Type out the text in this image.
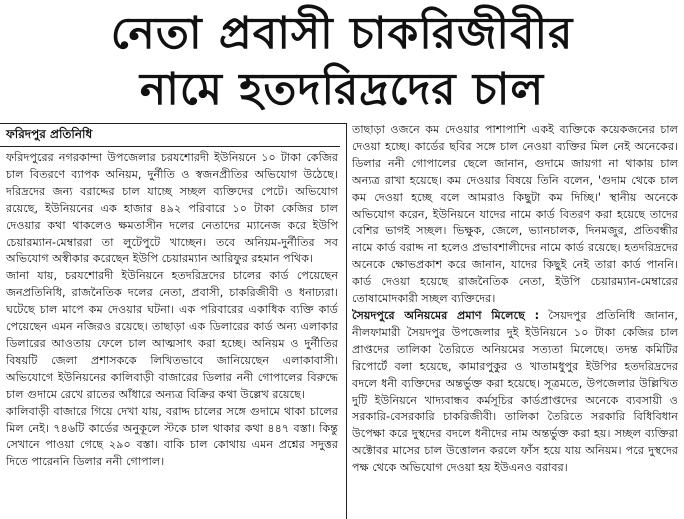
নেতা প্রবাসী চাকরিজীবীর
নামে হতদরিদ্রদের চাল
ফরিদপুর প্রতিনিধি

ফরিদপুরের নগরকান্দা উপজেলার চরযশোরদী ইউনিয়নে ১০ টাকা কেজির চাল বিতরণে ব্যাপক অনিয়ম, দুর্নীতি ও স্বজনপ্রীতির অভিযোগ উঠেছে। দরিদ্রদের জন্য বরাদ্দের চাল যাচ্ছে সচ্ছল ব্যক্তিদের পেটে। অভিযোগ রয়েছে, ইউনিয়নের এক হাজার ৪৯২ পরিবারে ১০ টাকা কেজির চাল দেওয়ার কথা থাকলেও ক্ষমতাসীন দলের নেতাদের ম্যানেজ করে ইউপি চেয়ারম্যান-মেম্বাররা তা লুটেপুটে খাচ্ছেন। তবে অনিয়ম-দুর্নীতির সব অভিযোগ অস্বীকার করেছেন ইউপি চেয়ারম্যান আরিফুর রহমান পথিক।

জানা যায়, চরযশোরদী ইউনিয়নে হতদরিদ্রদের চালের কার্ড পেয়েছেন জনপ্রতিনিধি, রাজনৈতিক দলের নেতা, প্রবাসী, চাকরিজীবী ও ধনাঢ্যরা। ঘটেছে চাল মাপে কম দেওয়ার ঘটনা। এক পরিবারের একাধিক ব্যক্তি কার্ড পেয়েছেন এমন নজিরও রয়েছে। তাছাড়া এক ডিলারের কার্ড অন্য এলাকার ডিলারের আওতায় ফেলে চাল আত্মসাৎ করা হচ্ছে। অনিয়ম ও দুর্নীতির বিষয়টি জেলা প্রশাসককে লিখিতভাবে জানিয়েছেন এলাকাবাসী। অভিযোগে ইউনিয়নের কালিবাড়ী বাজারের ডিলার ননী গোপালের বিরুদ্ধে চাল গুদামে রেখে রাতের আঁধারে অন্যত্র বিক্রির কথা উল্লেখ রয়েছে।

কালিবাড়ী বাজারে গিয়ে দেখা যায়, বরাদ্দ চালের সঙ্গে গুদামে থাকা চালের মিল নেই। ৭৪৬টি কার্ডের অনুকূলে স্টকে চাল থাকার কথা ৪৪৭ বস্তা। কিন্তু সেখানে পাওয়া গেছে ২৯০ বস্তা। বাকি চাল কোথায় এমন প্রশ্নের সদুত্তর দিতে পারেননি ডিলার ননী গোপাল।

তাছাড়া ওজনে কম দেওয়ার পাশাপাশি একই ব্যক্তিকে কয়েকজনের চাল দেওয়া হচ্ছে। কার্ডের ছবির সঙ্গে চাল নেওয়া ব্যক্তির মিল নেই অনেকের। ডিলার ননী গোপালের ছেলে জানান, গুদামে জায়গা না থাকায় চাল অন্যত্র রাখা হয়েছে। কম দেওয়ার বিষয়ে তিনি বলেন, 'গুদাম থেকে চাল কম দেওয়া হচ্ছে বলে আমরাও কিছুটা কম দিচ্ছি।' স্থানীয় অনেকে অভিযোগ করেন, ইউনিয়নে যাদের নামে কার্ড বিতরণ করা হয়েছে তাদের বেশির ভাগই সচ্ছল। ভিক্ষুক, জেলে, ভ্যানচালক, দিনমজুর, প্রতিবন্ধীর নামে কার্ড বরাদ্দ না হলেও প্রভাবশালীদের নামে কার্ড রয়েছে। হতদরিদ্রদের অনেকে ক্ষোভপ্রকাশ করে জানান, যাদের কিছুই নেই তারা কার্ড পাননি। কার্ড দেওয়া হয়েছে রাজনৈতিক নেতা, ইউপি চেয়ারম্যান-মেম্বারের তোষামোদকারী সচ্ছল ব্যক্তিদের।

সৈয়দপুরে অনিয়মের প্রমাণ মিলেছে : সৈয়দপুর প্রতিনিধি জানান, নীলফামারী সৈয়দপুর উপজেলার দুই ইউনিয়নে ১০ টাকা কেজির চাল প্রাপ্তদের তালিকা তৈরিতে অনিয়মের সত্যতা মিলেছে। তদন্ত কমিটির রিপোর্টে বলা হয়েছে, কামারপুকুর ও খাতামধুপুর ইউপির হতদরিদ্রদের বদলে ধনী ব্যক্তিদের অন্তর্ভুক্ত করা হয়েছে। সূত্রমতে, উপজেলার উল্লিখিত দুটি ইউনিয়নে খাদ্যবান্ধব কর্মসূচির কার্ডপ্রাপ্তদের অনেকে ব্যবসায়ী ও সরকারি-বেসরকারি চাকরিজীবী। তালিকা তৈরিতে সরকারি বিধিবিধান উপেক্ষা করে দুস্থদের বদলে ধনীদের নাম অন্তর্ভুক্ত করা হয়। সচ্ছল ব্যক্তিরা অক্টোবর মাসের চাল উত্তোলন করলে ফাঁস হয়ে যায় অনিয়ম। পরে দুস্থদের পক্ষ থেকে অভিযোগ দেওয়া হয় ইউএনও বরাবর।
